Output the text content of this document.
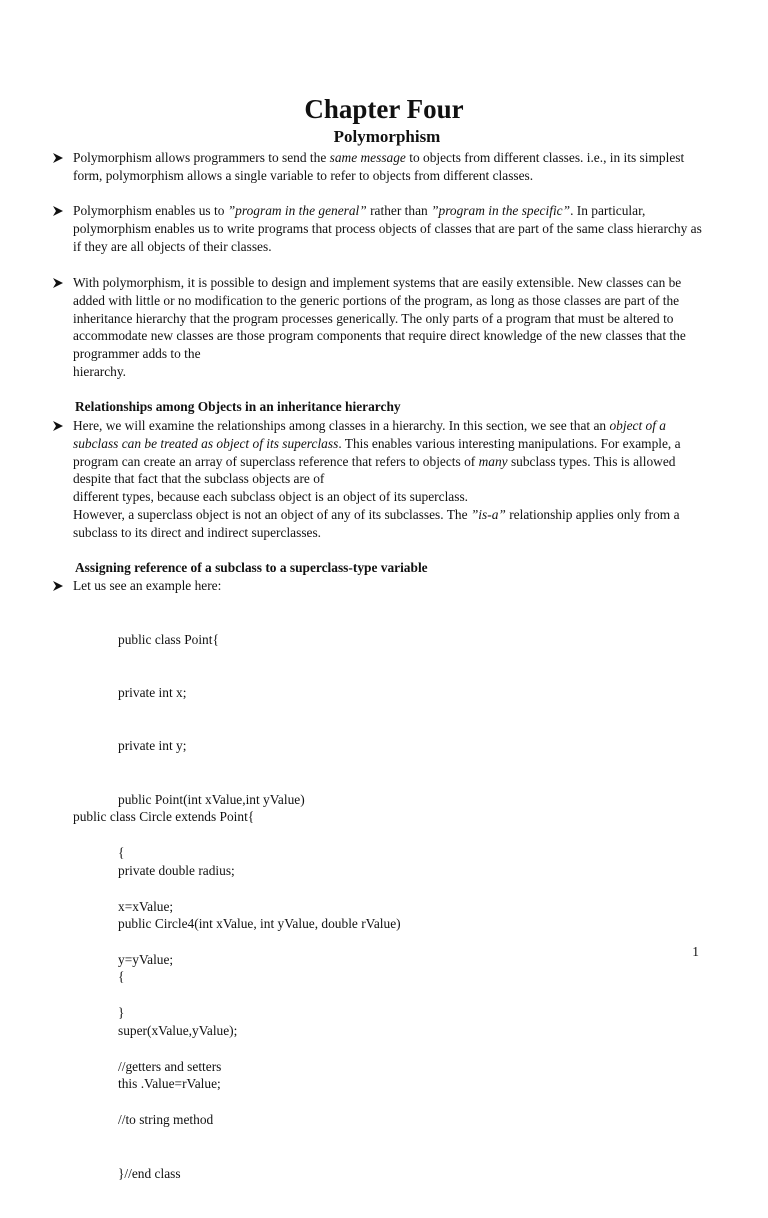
Chapter Four
Polymorphism
Polymorphism allows programmers to send the same message to objects from different classes. i.e., in its simplest form, polymorphism allows a single variable to refer to objects from different classes.
Polymorphism enables us to ”program in the general” rather than ”program in the specific”. In particular, polymorphism enables us to write programs that process objects of classes that are part of the same class hierarchy as if they are all objects of their classes.
With polymorphism, it is possible to design and implement systems that are easily extensible. New classes can be added with little or no modification to the generic portions of the program, as long as those classes are part of the inheritance hierarchy that the program processes generically. The only parts of a program that must be altered to accommodate new classes are those program components that require direct knowledge of the new classes that the programmer adds to the
hierarchy.
Relationships among Objects in an inheritance hierarchy
Here, we will examine the relationships among classes in a hierarchy. In this section, we see that an object of a subclass can be treated as object of its superclass. This enables various interesting manipulations. For example, a program can create an array of superclass reference that refers to objects of many subclass types. This is allowed despite that fact that the subclass objects are of
different types, because each subclass object is an object of its superclass.
However, a superclass object is not an object of any of its subclasses. The ”is-a” relationship applies only from a subclass to its direct and indirect superclasses.
Assigning reference of a subclass to a superclass-type variable
Let us see an example here:

public class Point{

private int x;

private int y;

public Point(int xValue,int yValue)

{

x=xValue;

y=yValue;

}

//getters and setters

//to string method

}//end class

public class Circle extends Point{

private double radius;

public Circle4(int xValue, int yValue, double rValue)

{

super(xValue,yValue);

this .Value=rValue;

1
